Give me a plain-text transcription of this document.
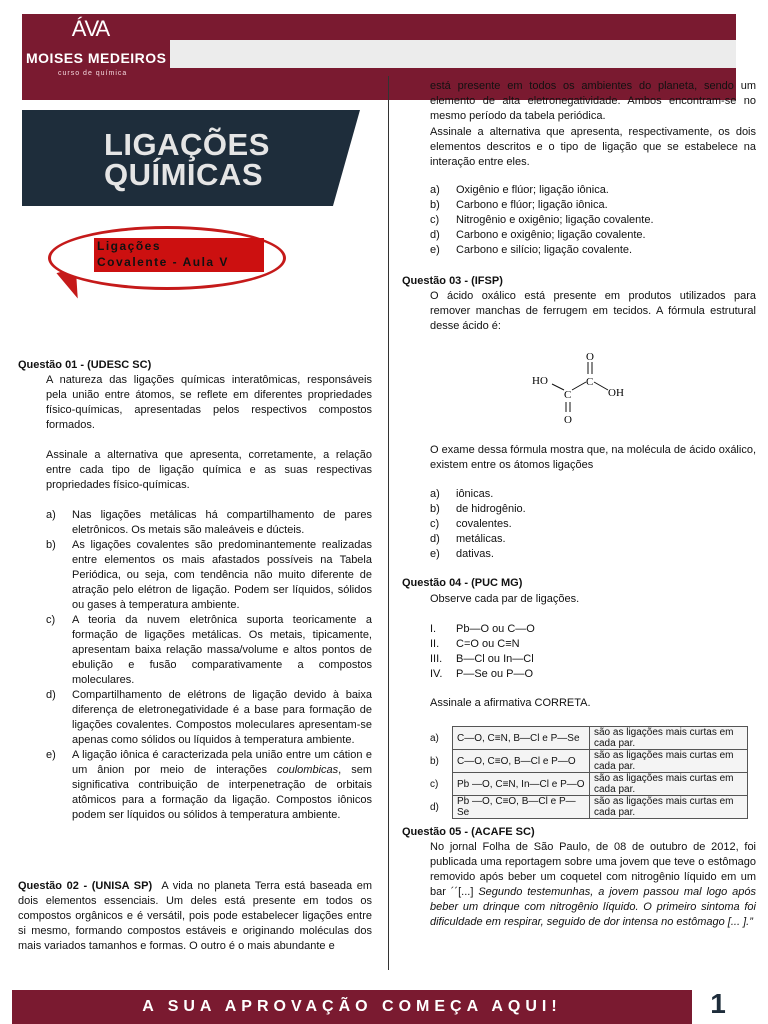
ÁVA
MOISES MEDEIROS
curso de química
LIGAÇÕES
QUÍMICAS
Ligações
Covalente - Aula V
Questão 01 - (UDESC SC)
A natureza das ligações químicas interatômicas, responsáveis pela união entre átomos, se reflete em diferentes propriedades físico-químicas, apresentadas pelos respectivos compostos formados.
Assinale a alternativa que apresenta, corretamente, a relação entre cada tipo de ligação química e as suas respectivas propriedades físico-químicas.
a)	Nas ligações metálicas há compartilhamento de pares eletrônicos. Os metais são maleáveis e dúcteis.
b)	As ligações covalentes são predominantemente realizadas entre elementos os mais afastados possíveis na Tabela Periódica, ou seja, com tendência não muito diferente de atração pelo elétron de ligação. Podem ser líquidos, sólidos ou gases à temperatura ambiente.
c)	A teoria da nuvem eletrônica suporta teoricamente a formação de ligações metálicas. Os metais, tipicamente, apresentam baixa relação massa/volume e altos pontos de ebulição e fusão comparativamente a compostos moleculares.
d)	Compartilhamento de elétrons de ligação devido à baixa diferença de eletronegatividade é a base para formação de ligações covalentes. Compostos moleculares apresentam-se apenas como sólidos ou líquidos à temperatura ambiente.
e)	A ligação iônica é caracterizada pela união entre um cátion e um ânion por meio de interações coulombicas, sem significativa contribuição de interpenetração de orbitais atômicos para a formação da ligação. Compostos iônicos podem ser líquidos ou sólidos à temperatura ambiente.
Questão 02 - (UNISA SP) A vida no planeta Terra está baseada em dois elementos essenciais. Um deles está presente em todos os compostos orgânicos e é versátil, pois pode estabelecer ligações entre si mesmo, formando compostos estáveis e originando moléculas dos mais variados tamanhos e formas. O outro é o mais abundante e
está presente em todos os ambientes do planeta, sendo um elemento de alta eletronegatividade. Ambos encontram-se no mesmo período da tabela periódica.
Assinale a alternativa que apresenta, respectivamente, os dois elementos descritos e o tipo de ligação que se estabelece na interação entre eles.
a) Oxigênio e flúor; ligação iônica.
b) Carbono e flúor; ligação iônica.
c) Nitrogênio e oxigênio; ligação covalente.
d) Carbono e oxigênio; ligação covalente.
e) Carbono e silício; ligação covalente.
Questão 03 - (IFSP)
O ácido oxálico está presente em produtos utilizados para remover manchas de ferrugem em tecidos. A fórmula estrutural desse ácido é:
O
C
OH
C
HO
O
O exame dessa fórmula mostra que, na molécula de ácido oxálico, existem entre os átomos ligações
a) iônicas.
b) de hidrogênio.
c) covalentes.
d) metálicas.
e) dativas.
Questão 04 - (PUC MG)
Observe cada par de ligações.
I. Pb—O ou C—O
II. C=O ou C≡N
III. B—Cl ou In—Cl
IV. P—Se ou P—O
Assinale a afirmativa CORRETA.
a)	C—O, C≡N, B—Cl e P—Se	são as ligações mais curtas em cada par.
b)	C—O, C≡O, B—Cl e P—O	são as ligações mais curtas em cada par.
c)	Pb —O, C≡N, In—Cl e P—O	são as ligações mais curtas em cada par.
d)	Pb —O, C≡O, B—Cl e P—Se	são as ligações mais curtas em cada par.
Questão 05 - (ACAFE SC)
No jornal Folha de São Paulo, de 08 de outubro de 2012, foi publicada uma reportagem sobre uma jovem que teve o estômago removido após beber um coquetel com nitrogênio líquido em um bar ´´[...] Segundo testemunhas, a jovem passou mal logo após beber um drinque com nitrogênio líquido. O primeiro sintoma foi dificuldade em respirar, seguido de dor intensa no estômago [... ].”
A SUA APROVAÇÃO COMEÇA AQUI!	1
